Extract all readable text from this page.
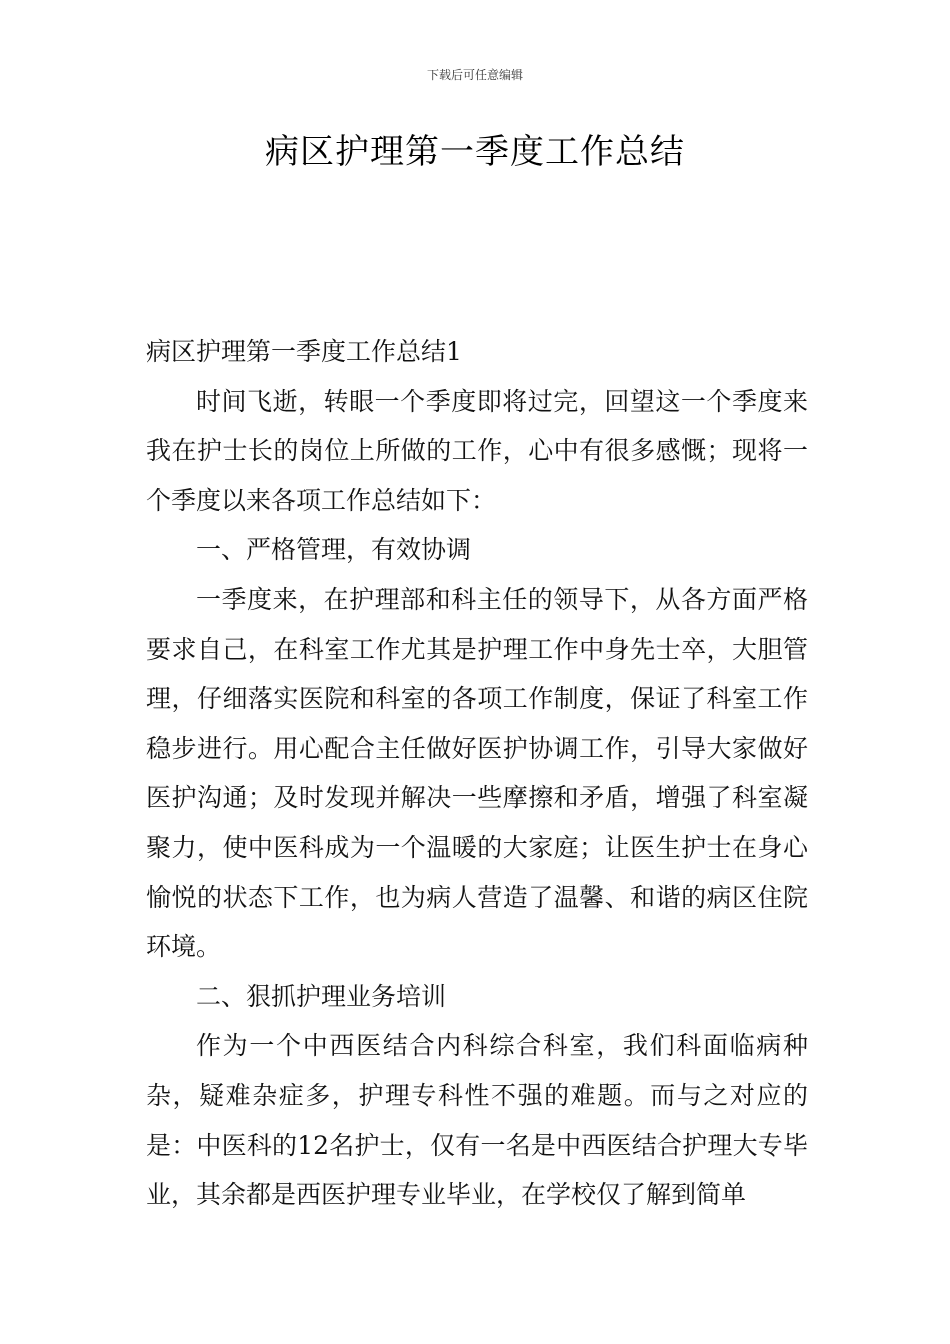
下载后可任意编辑
病区护理第一季度工作总结

病区护理第一季度工作总结1

时间飞逝，转眼一个季度即将过完，回望这一个季度来我在护士长的岗位上所做的工作，心中有很多感慨；现将一个季度以来各项工作总结如下：

一、严格管理，有效协调

一季度来，在护理部和科主任的领导下，从各方面严格要求自己，在科室工作尤其是护理工作中身先士卒，大胆管理，仔细落实医院和科室的各项工作制度，保证了科室工作稳步进行。用心配合主任做好医护协调工作，引导大家做好医护沟通；及时发现并解决一些摩擦和矛盾，增强了科室凝聚力，使中医科成为一个温暖的大家庭；让医生护士在身心愉悦的状态下工作，也为病人营造了温馨、和谐的病区住院环境。

二、狠抓护理业务培训

作为一个中西医结合内科综合科室，我们科面临病种杂，疑难杂症多，护理专科性不强的难题。而与之对应的是：中医科的12名护士，仅有一名是中西医结合护理大专毕业，其余都是西医护理专业毕业，在学校仅了解到简单
